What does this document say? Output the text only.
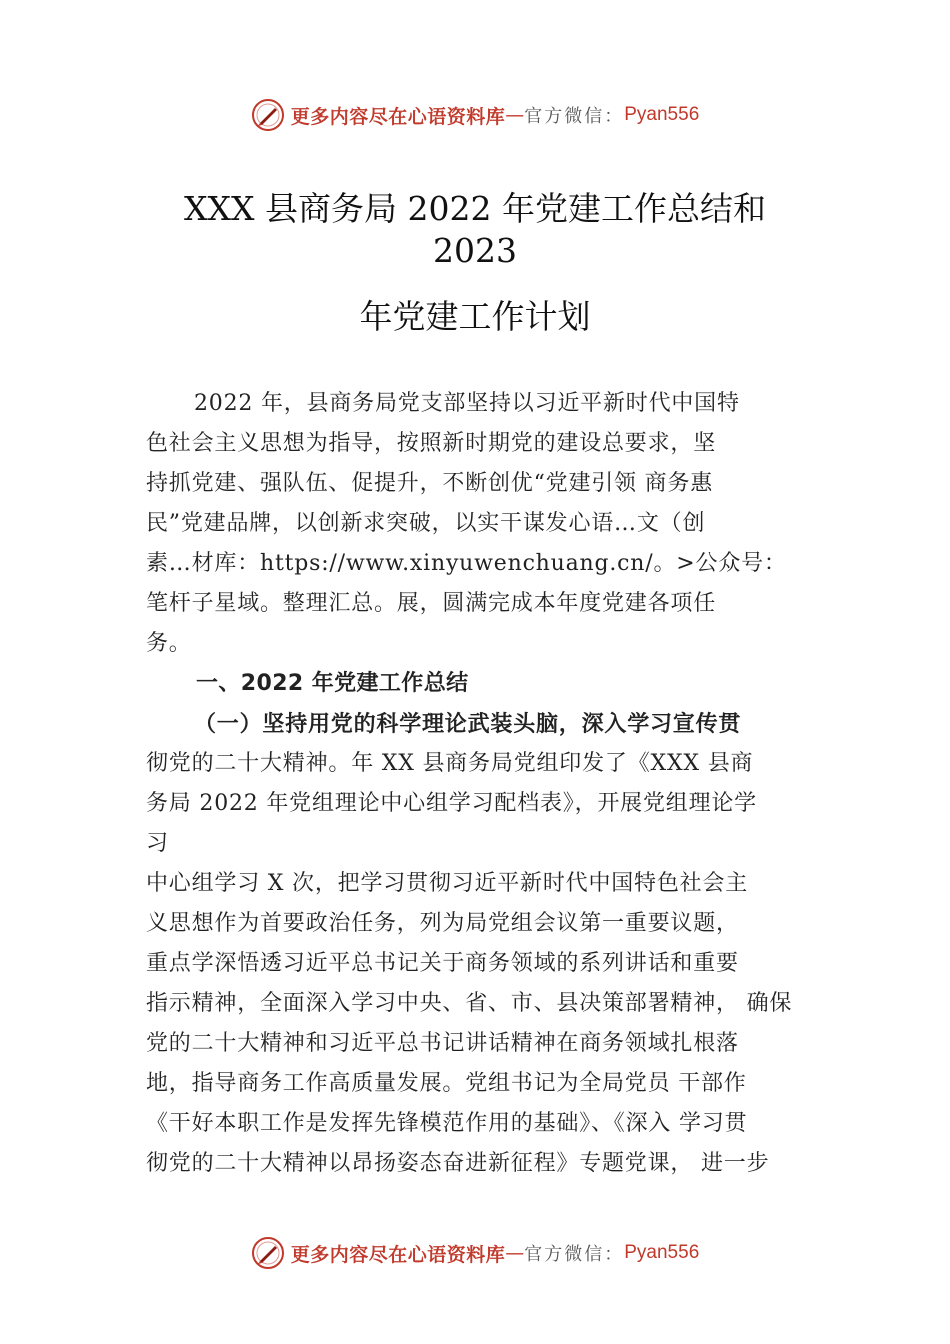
更多内容尽在心语资料库 — 官方微信： Pyan556
XXX 县商务局 2022 年党建工作总结和
2023
年党建工作计划
2022 年，县商务局党支部坚持以习近平新时代中国特
色社会主义思想为指导，按照新时期党的建设总要求，坚
持抓党建、强队伍、促提升，不断创优“党建引领 商务惠
民”党建品牌，以创新求突破，以实干谋发心语…文（创
素…材库：https://www.xinyuwenchuang.cn/。>公众号：
笔杆子星域。整理汇总。展，圆满完成本年度党建各项任
务。
一、2022 年党建工作总结
（一）坚持用党的科学理论武装头脑，深入学习宣传贯
彻党的二十大精神。年 XX 县商务局党组印发了《XXX 县商
务局 2022 年党组理论中心组学习配档表》，开展党组理论学
习
中心组学习 X 次，把学习贯彻习近平新时代中国特色社会主
义思想作为首要政治任务，列为局党组会议第一重要议题，
重点学深悟透习近平总书记关于商务领域的系列讲话和重要
指示精神，全面深入学习中央、省、市、县决策部署精神， 确保
党的二十大精神和习近平总书记讲话精神在商务领域扎根落
地，指导商务工作高质量发展。党组书记为全局党员 干部作
《干好本职工作是发挥先锋模范作用的基础》、《深入 学习贯
彻党的二十大精神以昂扬姿态奋进新征程》专题党课， 进一步
更多内容尽在心语资料库 — 官方微信： Pyan556
